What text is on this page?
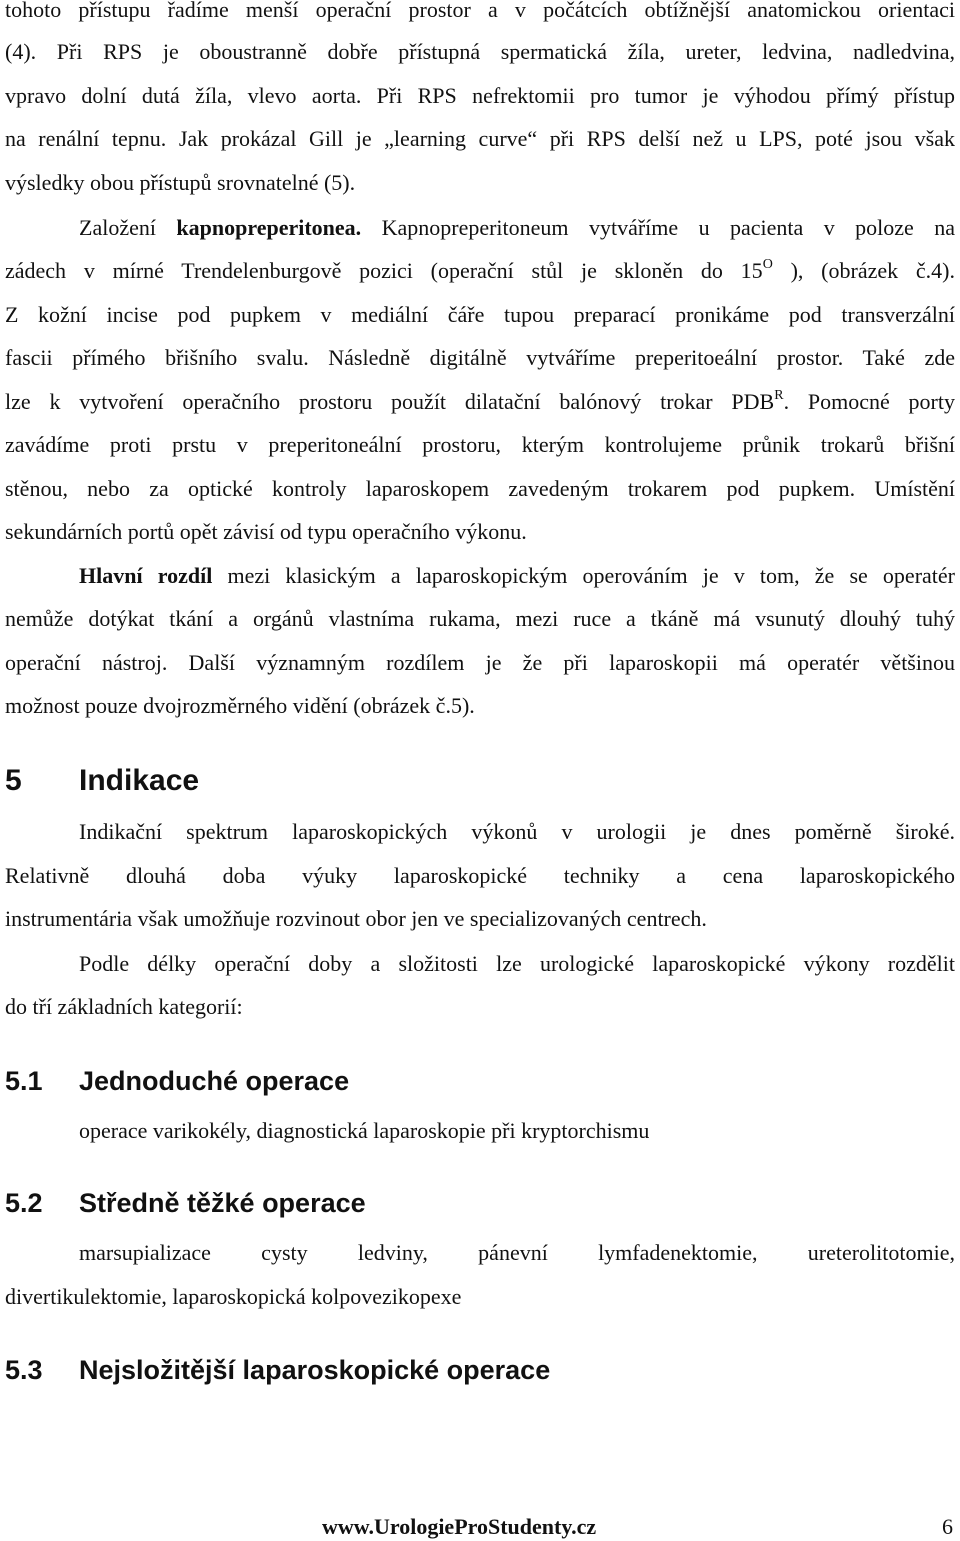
tohoto přístupu řadíme menší operační prostor a v počátcích obtížnější anatomickou orientaci
(4). Při RPS je oboustranně dobře přístupná spermatická žíla, ureter, ledvina, nadledvina,
vpravo dolní dutá žíla, vlevo aorta. Při RPS nefrektomii pro tumor je výhodou přímý přístup
na renální tepnu. Jak prokázal Gill je „learning curve“ při RPS delší než u LPS, poté jsou však
výsledky obou přístupů srovnatelné (5).
Založení kapnopreperitonea. Kapnopreperitoneum vytváříme u pacienta v poloze na
zádech v mírné Trendelenburgově pozici (operační stůl je skloněn do $15^O$ ), (obrázek č.4).
Z kožní incise pod pupkem v mediální čáře tupou preparací pronikáme pod transverzální
fascii přímého břišního svalu. Následně digitálně vytváříme preperitoeální prostor. Také zde
lze k vytvoření operačního prostoru použít dilatační balónový trokar $PDB^R$. Pomocné porty
zavádíme proti prstu v preperitoneální prostoru, kterým kontrolujeme průnik trokarů břišní
stěnou, nebo za optické kontroly laparoskopem zavedeným trokarem pod pupkem. Umístění
sekundárních portů opět závisí od typu operačního výkonu.
Hlavní rozdíl mezi klasickým a laparoskopickým operováním je v tom, že se operatér
nemůže dotýkat tkání a orgánů vlastníma rukama, mezi ruce a tkáně má vsunutý dlouhý tuhý
operační nástroj. Další významným rozdílem je že při laparoskopii má operatér většinou
možnost pouze dvojrozměrného vidění (obrázek č.5).
5 Indikace
Indikační spektrum laparoskopických výkonů v urologii je dnes poměrně široké.
Relativně dlouhá doba výuky laparoskopické techniky a cena laparoskopického
instrumentária však umožňuje rozvinout obor jen ve specializovaných centrech.
Podle délky operační doby a složitosti lze urologické laparoskopické výkony rozdělit
do tří základních kategorií:
5.1 Jednoduché operace
operace varikokély, diagnostická laparoskopie při kryptorchismu
5.2 Středně těžké operace
marsupializace cysty ledviny, pánevní lymfadenektomie, ureterolitotomie,
divertikulektomie, laparoskopická kolpovezikopexe
5.3 Nejsložitější laparoskopické operace
www.UrologieProStudenty.cz	6
